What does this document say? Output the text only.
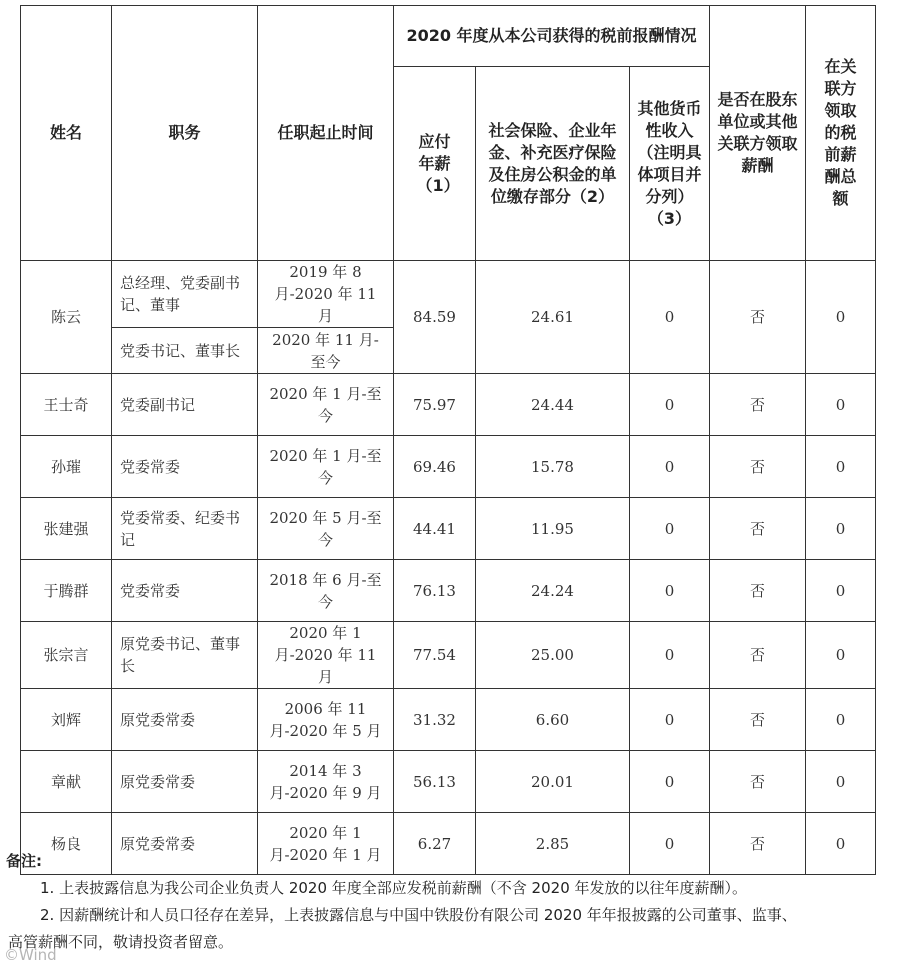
姓名	职务	任职起止时间	2020 年度从本公司获得的税前报酬情况			是否在股东单位或其他关联方领取薪酬	在关联方领取的税前薪酬总额

			应付年薪（1）	社会保险、企业年金、补充医疗保险及住房公积金的单位缴存部分（2）	其他货币性收入（注明具体项目并分列）（3）		

陈云	总经理、党委副书记、董事	2019 年 8 月-2020 年 11 月	84.59	24.61	0	否	0
	党委书记、董事长	2020 年 11 月-至今					

王士奇	党委副书记	2020 年 1 月-至今	75.97	24.44	0	否	0
孙璀	党委常委	2020 年 1 月-至今	69.46	15.78	0	否	0
张建强	党委常委、纪委书记	2020 年 5 月-至今	44.41	11.95	0	否	0
于腾群	党委常委	2018 年 6 月-至今	76.13	24.24	0	否	0
张宗言	原党委书记、董事长	2020 年 1 月-2020 年 11 月	77.54	25.00	0	否	0
刘辉	原党委常委	2006 年 11 月-2020 年 5 月	31.32	6.60	0	否	0
章献	原党委常委	2014 年 3 月-2020 年 9 月	56.13	20.01	0	否	0
杨良	原党委常委	2020 年 1 月-2020 年 1 月	6.27	2.85	0	否	0
备注:
1. 上表披露信息为我公司企业负责人 2020 年度全部应发税前薪酬（不含 2020 年发放的以往年度薪酬）。
2. 因薪酬统计和人员口径存在差异，上表披露信息与中国中铁股份有限公司 2020 年年报披露的公司董事、监事、
高管薪酬不同，敬请投资者留意。
©Wind
